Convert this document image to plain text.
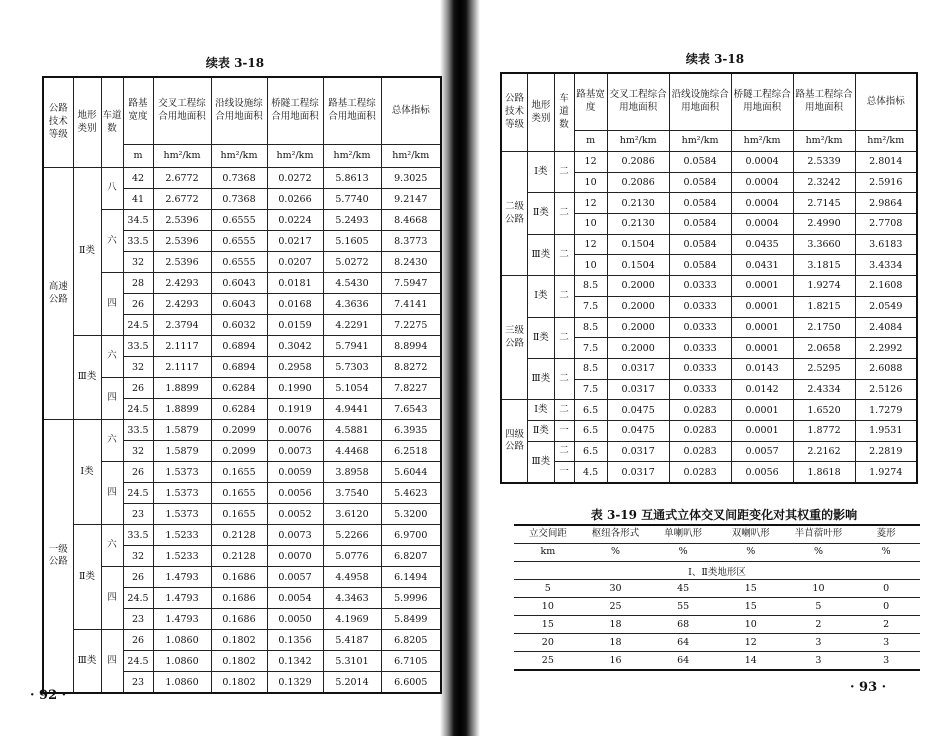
续表 3-18
公路技术等级	地形类别	车道数	路基宽度	交叉工程综合用地面积	沿线设施综合用地面积	桥隧工程综合用地面积	路基工程综合用地面积	总体指标
			m	hm²/km	hm²/km	hm²/km	hm²/km	hm²/km
高速公路	Ⅱ类	八	42	2.6772	0.7368	0.0272	5.8613	9.3025
			41	2.6772	0.7368	0.0266	5.7740	9.2147
		六	34.5	2.5396	0.6555	0.0224	5.2493	8.4668
			33.5	2.5396	0.6555	0.0217	5.1605	8.3773
			32	2.5396	0.6555	0.0207	5.0272	8.2430
		四	28	2.4293	0.6043	0.0181	4.5430	7.5947
			26	2.4293	0.6043	0.0168	4.3636	7.4141
			24.5	2.3794	0.6032	0.0159	4.2291	7.2275
	Ⅲ类	六	33.5	2.1117	0.6894	0.3042	5.7941	8.8994
			32	2.1117	0.6894	0.2958	5.7303	8.8272
		四	26	1.8899	0.6284	0.1990	5.1054	7.8227
			24.5	1.8899	0.6284	0.1919	4.9441	7.6543
一级公路	Ⅰ类	六	33.5	1.5879	0.2099	0.0076	4.5881	6.3935
			32	1.5879	0.2099	0.0073	4.4468	6.2518
		四	26	1.5373	0.1655	0.0059	3.8958	5.6044
			24.5	1.5373	0.1655	0.0056	3.7540	5.4623
			23	1.5373	0.1655	0.0052	3.6120	5.3200
	Ⅱ类	六	33.5	1.5233	0.2128	0.0073	5.2266	6.9700
			32	1.5233	0.2128	0.0070	5.0776	6.8207
		四	26	1.4793	0.1686	0.0057	4.4958	6.1494
			24.5	1.4793	0.1686	0.0054	4.3463	5.9996
			23	1.4793	0.1686	0.0050	4.1969	5.8499
	Ⅲ类	四	26	1.0860	0.1802	0.1356	5.4187	6.8205
			24.5	1.0860	0.1802	0.1342	5.3101	6.7105
			23	1.0860	0.1802	0.1329	5.2014	6.6005
· 92 ·
续表 3-18
公路技术等级	地形类别	车道数	路基宽度	交叉工程综合用地面积	沿线设施综合用地面积	桥隧工程综合用地面积	路基工程综合用地面积	总体指标
			m	hm²/km	hm²/km	hm²/km	hm²/km	hm²/km
二级公路	Ⅰ类	二	12	0.2086	0.0584	0.0004	2.5339	2.8014
			10	0.2086	0.0584	0.0004	2.3242	2.5916
	Ⅱ类	二	12	0.2130	0.0584	0.0004	2.7145	2.9864
			10	0.2130	0.0584	0.0004	2.4990	2.7708
	Ⅲ类	二	12	0.1504	0.0584	0.0435	3.3660	3.6183
			10	0.1504	0.0584	0.0431	3.1815	3.4334
三级公路	Ⅰ类	二	8.5	0.2000	0.0333	0.0001	1.9274	2.1608
			7.5	0.2000	0.0333	0.0001	1.8215	2.0549
	Ⅱ类	二	8.5	0.2000	0.0333	0.0001	2.1750	2.4084
			7.5	0.2000	0.0333	0.0001	2.0658	2.2992
	Ⅲ类	二	8.5	0.0317	0.0333	0.0143	2.5295	2.6088
			7.5	0.0317	0.0333	0.0142	2.4334	2.5126
四级公路	Ⅰ类	二	6.5	0.0475	0.0283	0.0001	1.6520	1.7279
	Ⅱ类	一	6.5	0.0475	0.0283	0.0001	1.8772	1.9531
	Ⅲ类	二	6.5	0.0317	0.0283	0.0057	2.2162	2.2819
		一	4.5	0.0317	0.0283	0.0056	1.8618	1.9274
表 3-19 互通式立体交叉间距变化对其权重的影响
立交间距	枢纽各形式	单喇叭形	双喇叭形	半苜蓿叶形	菱形
km	%	%	%	%	%
Ⅰ、Ⅱ类地形区					
5	30	45	15	10	0
10	25	55	15	5	0
15	18	68	10	2	2
20	18	64	12	3	3
25	16	64	14	3	3
· 93 ·
